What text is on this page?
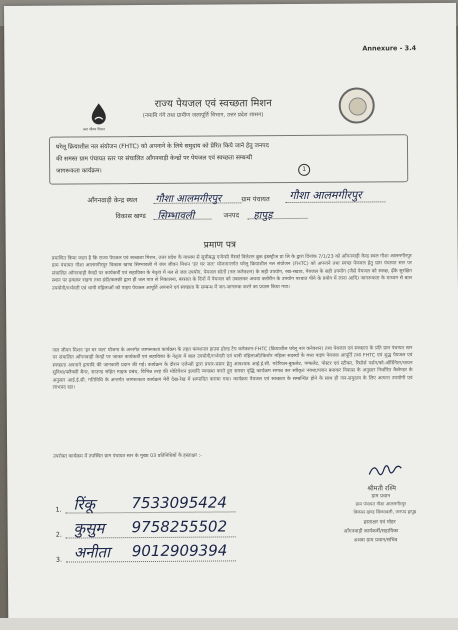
Annexure - 3.4
जल जीवन मिशन
राज्य पेयजल एवं स्वच्छता मिशन
(नमामि गंगे तथा ग्रामीण जलापूर्ति विभाग, उत्तर प्रदेश शासन)
घरेलू क्रियाशील नल संयोजन (FHTC) को अपनाने के लिये समुदाय को प्रेरित किये जाने हेतु जनपद
की समस्त ग्राम पंचायत स्तर पर संचालित आँगनवाड़ी केन्द्रों पर पेयजल एवं स्वच्छता सम्बन्धी
जागरूकता कार्यक्रम।	1
आँगनवाड़ी केन्द्र स्थल गौशा आलमगीरपुर	ग्राम पंचायत गौशा आलमगीरपुर
विकास खण्ड सिम्भावली	जनपद हापुड़
प्रमाण पत्र
प्रमाणित किया जाता है कि राज्य पेयजल एवं स्वच्छता मिशन, उत्तर प्रदेश के माध्यम से सूचीबद्ध एजेन्सी मैसर्स विलेशन ब्रुक इंडस्ट्रीज प्रा लि के द्वारा दिनांक 7/1/23 को आँगनवाड़ी केन्द्र स्थल गौशा आलमगीरपुर ग्राम पंचायत गौशा आलमगीरपुर विकास खण्ड सिम्भावली में जल जीवन मिशन 'हर घर जल' योजनान्तर्गत घरेलू क्रियाशील नल संयोजन (FHTC) को अपनाने तथा स्वच्छ पेयजल हेतु ग्राम पंचायत स्तर पर संचालित आँगनवाड़ी केन्द्रों पर कार्यकर्त्री एवं सहायिका के नेतृत्व में नल से जल उपयोग, पेयजल स्रोतों (नल कनेक्शन) के सही उपयोग, रख-रखाव, पेयजल के सही उपयोग (जैसे पेयजल को स्वच्छ, ढ़ँके सुरक्षित स्थान पर ढ़कक़र रखना तथा डंडी/कलछी द्वारा ही जल पात्र से निकालना, बरसात के दिनों में पेयजल को उबालकर अथवा क्लोरीन के उपयोग पश्चात पीने के प्रयोग में लाना आदि) जागरूकता के माध्यम से बाल उपयोगी/गर्भवती एवं धात्री महिलाओं को पाइप पेयजल आपूर्ति अपनाने एवं स्वच्छता के सम्बन्ध में जन-जागरूक करने का प्रयास किया गया।
जल जीवन मिशन 'हर घर जल' योजना के अन्तर्गत जागरूकता कार्यक्रम के तहत फंक्शनल हाउस होल्ड टैप कनेक्शन-FHTC (क्रियाशील घरेलू नल कनेक्शन) तथा पेयजल एवं स्वच्छता के प्रति ग्राम पंचायत स्तर पर संचालित आँगनवाड़ी केन्द्रों पर जाकर कार्यकर्त्री एवं सहायिका के नेतृत्व में बाल उपयोगी/गर्भवती एवं धात्री महिलाओं/किशोर महिला सदस्यों के मध्य पाइप पेयजल आपूर्ति तथा FHTC एवं शुद्ध पेयजल एवं स्वच्छता अपनाने इत्यादि की जानकारी प्रदान की गई। कार्यक्रम के दौरान एजेन्सी द्वारा प्रचार-प्रसार हेतु आवश्यक आई.ई.सी. मटेरियल-बुकलेट, पम्फलेट, पोस्टर एवं स्टीकर, रिसोर्स पर्सन/को-ऑर्डिनेटर/चायन सुविधा/फ्लैक्सी बैनर, साउण्ड सहित माइक प्रबंध, विभिन्न तरह की मोटिवेशन इत्यादि व्यवस्था करते हुए समस्त वृद्धि कार्यक्रम सम्पन्न कर स्वीकृत नक्शा/प्लान बनाकर विकास के अनुसार निर्धारित कैलेण्डर के अनुसार आई.ई.सी. गतिविधि के अन्तर्गत जागरूकता कार्यक्रम मेरी देख-रेख में सम्पादित कराया गया। कार्यक्रम पेयजल एवं स्वच्छता के सम्बन्धित होने के साथ ही जन-समुदाय के लिए अत्यन्त उपयोगी एवं लाभप्रद रहा।
उपरोक्त कार्यक्रम में उपस्थित ग्राम पंचायत स्तर के मुख्य 03 प्रतिनिधियों के हस्ताक्षर :-
1. रिंकू 7533095424
2. कुसुम 9758255502
3. अनीता 9012909394
श्रीमती रश्मि
ग्राम प्रधान
ग्राम पंचायत गौशा आलमगीरपुर
विकास खण्ड सिम्भावली, जनपद हापुड़
हस्ताक्षर एवं मोहर
आँगनवाड़ी कार्यकर्त्री/सहायिका
अथवा ग्राम प्रधान/सचिव
